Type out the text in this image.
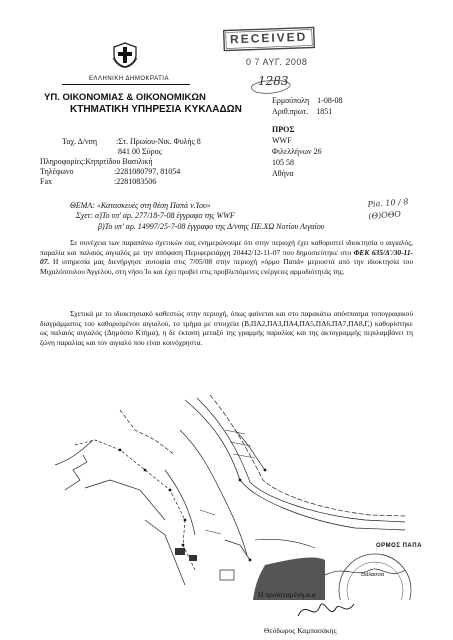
ΕΛΛΗΝΙΚΗ ΔΗΜΟΚΡΑΤΙΑ
ΥΠ. ΟΙΚΟΝΟΜΙΑΣ & ΟΙΚΟΝΟΜΙΚΩΝ
ΚΤΗΜΑΤΙΚΗ ΥΠΗΡΕΣΙΑ ΚΥΚΛΑΔΩΝ
RECEIVED
0 7 ΑΥΓ. 2008
1283
Ερμούπολη 1-08-08
Αριθ.πρωτ. 1851
Ταχ. Δ/νση :Στ. Πρωίου-Νικ. Φυλής 8
841 00 Σύρος
Πληροφορίες:Κηπρτίδου Βασιλική
Τηλέφωνο	:2281080797, 81054
Fax	:2281083506
ΠΡΟΣ
WWF
Φιλελλήνων 26
105 58
Αθήνα
Pia. 10 / 8 (Θ)ΟΘΟ
ΘΕΜΑ: «Κατασκευές στη θέση Παπά ν.Ίου»
Σχετ: α)Το υπ' αρ. 277/18-7-08 έγγραφο της WWF
β)Το υπ' αρ. 14997/25-7-08 έγγραφο της Δ/νσης ΠΕ.ΧΩ Νοτίου Αιγαίου
Σε συνέχεια των παραπάνω σχετικών σας ενημερώνουμε ότι στην περιοχή έχει καθοριστεί ιδιοκτησία ο αιγιαλός, παραλία και παλαιός αιγιαλός με την απόφαση Περιφερειάρχη 20442/12-11-07 που δημοσιεύτηκε στο ΦΕΚ 635/Δ'/30-11-07. Η υπηρεσία μας διενήργησε αυτοψία στις 7/05/08 στην περιοχή «όρμο Παπά» μεριοστά από την ιδιοκτησία του Μιχαλόπουλου Άγγελου, στη νήσο Ίο και έχει προβεί στις προβλεπόμενες ενέργειες αρμοδιότητάς της.
Σχετικά με το ιδιοκτησιακό καθεστώς στην περιοχή, όπως φαίνεται και στο παρακάτω απόσπασμα τοπογραφικού διαγράμματος του καθορισμένου αιγιαλού, το τμήμα με στοιχεία (Β,ΠΑ2,ΠΑ3,ΠΑ4,ΠΑ5,ΠΑ6,ΠΑ7,ΠΑ8,Γ,) καθορίστηκε ως παλαιός αιγιαλός (Δημόσιο Κτήμα), η δε έκταση μεταξύ της γραμμής παραλίας και της ακτογραμμής περιλαμβάνει τη ζώνη παραλίας και τον αιγιαλό που είναι κοινόχρηστα.
ΟΡΜΟΣ ΠΑΠΑ
Θάλασσα
Η προϊσταμένη α.α
Θεόδωρος Καμπασάκης
